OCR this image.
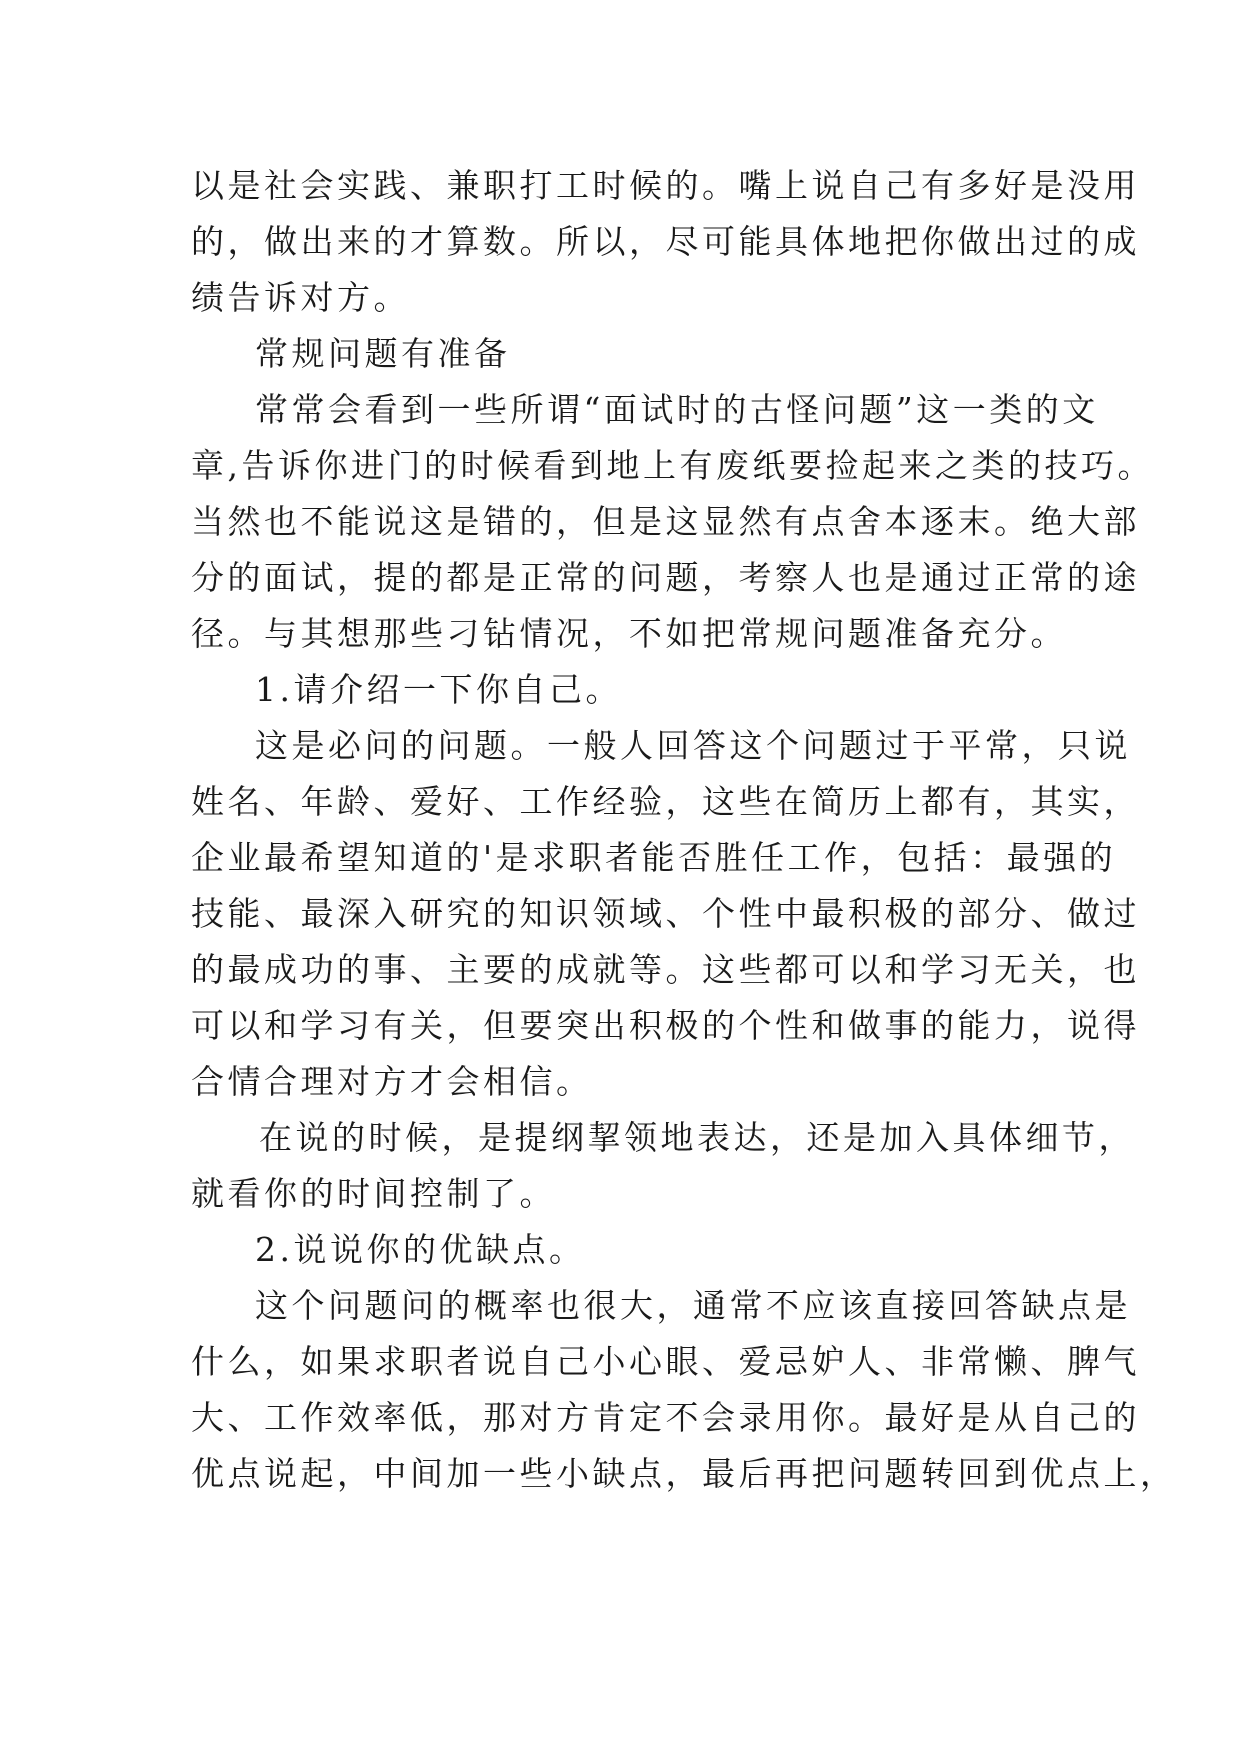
以是社会实践、兼职打工时候的。嘴上说自己有多好是没用
的，做出来的才算数。所以，尽可能具体地把你做出过的成
绩告诉对方。
常规问题有准备
常常会看到一些所谓“面试时的古怪问题”这一类的文
章,告诉你进门的时候看到地上有废纸要捡起来之类的技巧。
当然也不能说这是错的，但是这显然有点舍本逐末。绝大部
分的面试，提的都是正常的问题，考察人也是通过正常的途
径。与其想那些刁钻情况，不如把常规问题准备充分。
1.请介绍一下你自己。
这是必问的问题。一般人回答这个问题过于平常，只说
姓名、年龄、爱好、工作经验，这些在简历上都有，其实，
企业最希望知道的'是求职者能否胜任工作，包括：最强的
技能、最深入研究的知识领域、个性中最积极的部分、做过
的最成功的事、主要的成就等。这些都可以和学习无关，也
可以和学习有关，但要突出积极的个性和做事的能力，说得
合情合理对方才会相信。
在说的时候，是提纲挈领地表达，还是加入具体细节，
就看你的时间控制了。
2.说说你的优缺点。
这个问题问的概率也很大，通常不应该直接回答缺点是
什么，如果求职者说自己小心眼、爱忌妒人、非常懒、脾气
大、工作效率低，那对方肯定不会录用你。最好是从自己的
优点说起，中间加一些小缺点，最后再把问题转回到优点上，
